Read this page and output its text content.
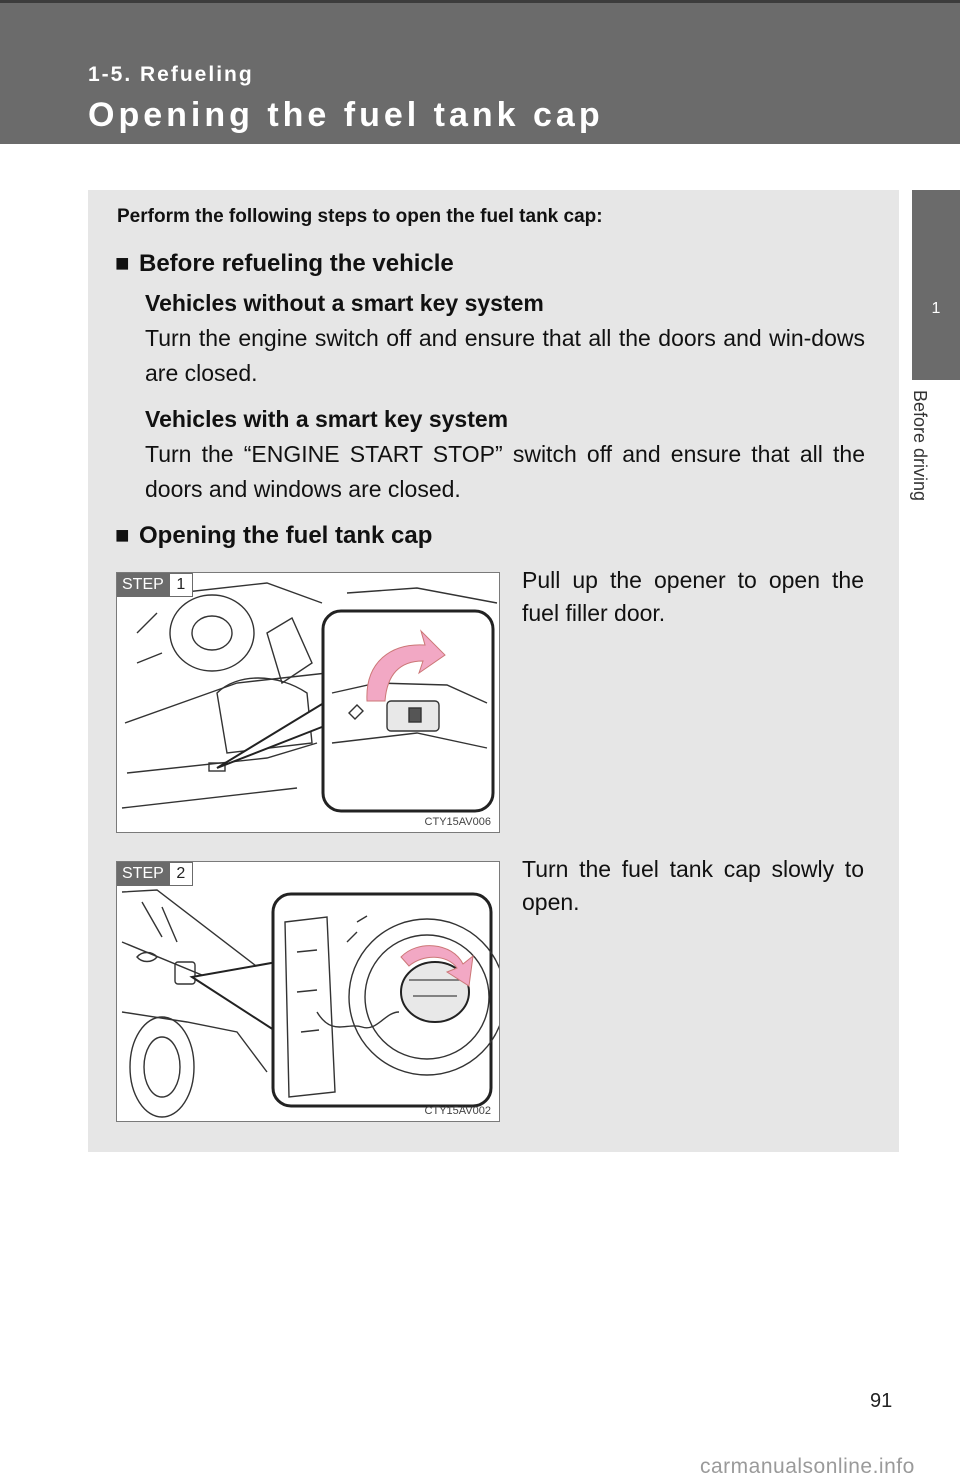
1-5. Refueling
Opening the fuel tank cap
1
Before driving
Perform the following steps to open the fuel tank cap:
■ Before refueling the vehicle
Vehicles without a smart key system
Turn the engine switch off and ensure that all the doors and win-dows are closed.
Vehicles with a smart key system
Turn the “ENGINE START STOP” switch off and ensure that all the doors and windows are closed.
■ Opening the fuel tank cap
STEP 1
CTY15AV006
Pull up the opener to open the fuel filler door.
STEP 2
CTY15AV002
Turn the fuel tank cap slowly to open.
91
carmanualsonline.info
